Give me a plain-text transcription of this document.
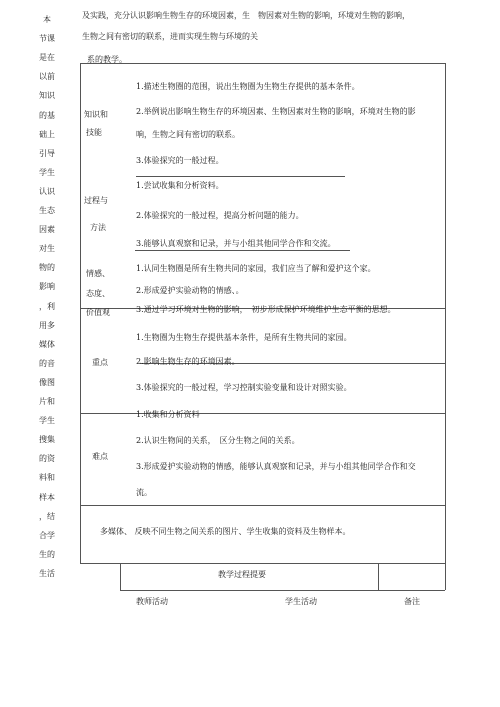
及实践，充分认识影响生物生存的环境因素，生　物因素对生物的影响，环境对生物的影响，
生物之间有密切的联系，进而实现生物与环境的关
系的教学。
本
节课
是在
以前
知识
的基
础上
引导
学生
认识
生态
因素
对生
物的
影响
，利
用多
媒体
的音
像图
片和
学生
搜集
的资
料和
样本
，结
合学
生的
生活
知识和
技能
过程与
方法
情感、
态度、
价值观
1.描述生物圈的范围，说出生物圈为生物生存提供的基本条件。
2.举例说出影响生物生存的环境因素、生物因素对生物的影响，环境对生物的影
响，生物之间有密切的联系。
3.体验探究的一般过程。
1.尝试收集和分析资料。
2.体验探究的一般过程，提高分析问题的能力。
3.能够认真观察和记录，并与小组其他同学合作和交流。
1.认同生物圈是所有生物共同的家园，我们应当了解和爱护这个家。
2.形成爱护实验动物的情感、。
3.通过学习环境对生物的影响，　初步形成保护环境维护生态平衡的思想。
重点
1.生物圈为生物生存提供基本条件，是所有生物共同的家园。
2.影响生物生存的环境因素。
3.体验探究的一般过程，学习控制实验变量和设计对照实验。
难点
1.收集和分析资料
2.认识生物间的关系，　区分生物之间的关系。
3.形成爱护实验动物的情感，能够认真观察和记录，并与小组其他同学合作和交
流。
多媒体、 反映不同生物之间关系的图片、学生收集的资料及生物样本。
教学过程提要
教师活动	学生活动	备注
